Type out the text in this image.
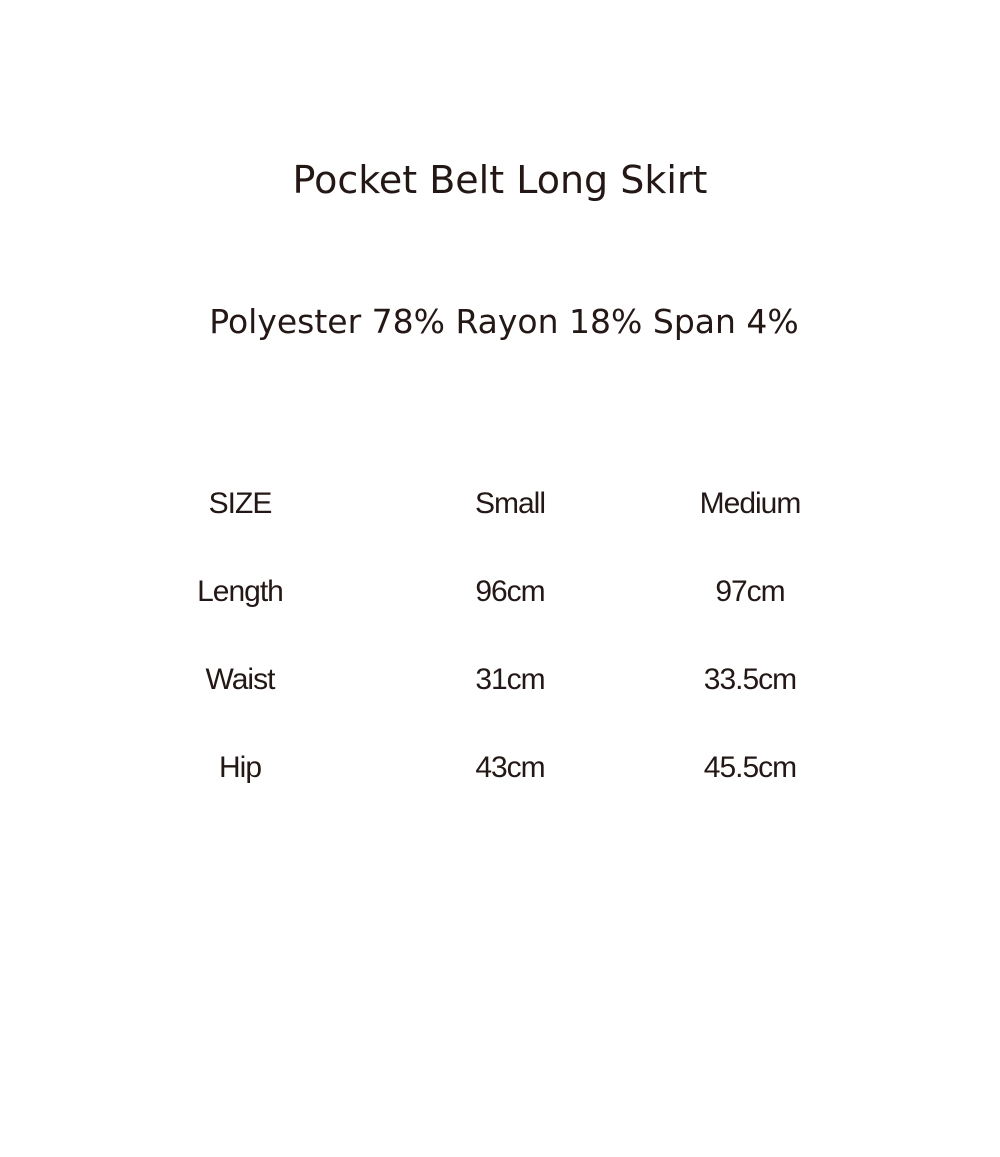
Pocket Belt Long Skirt

Polyester 78% Rayon 18% Span 4%

SIZE	Small	Medium
Length	96cm	97cm
Waist	31cm	33.5cm
Hip	43cm	45.5cm
